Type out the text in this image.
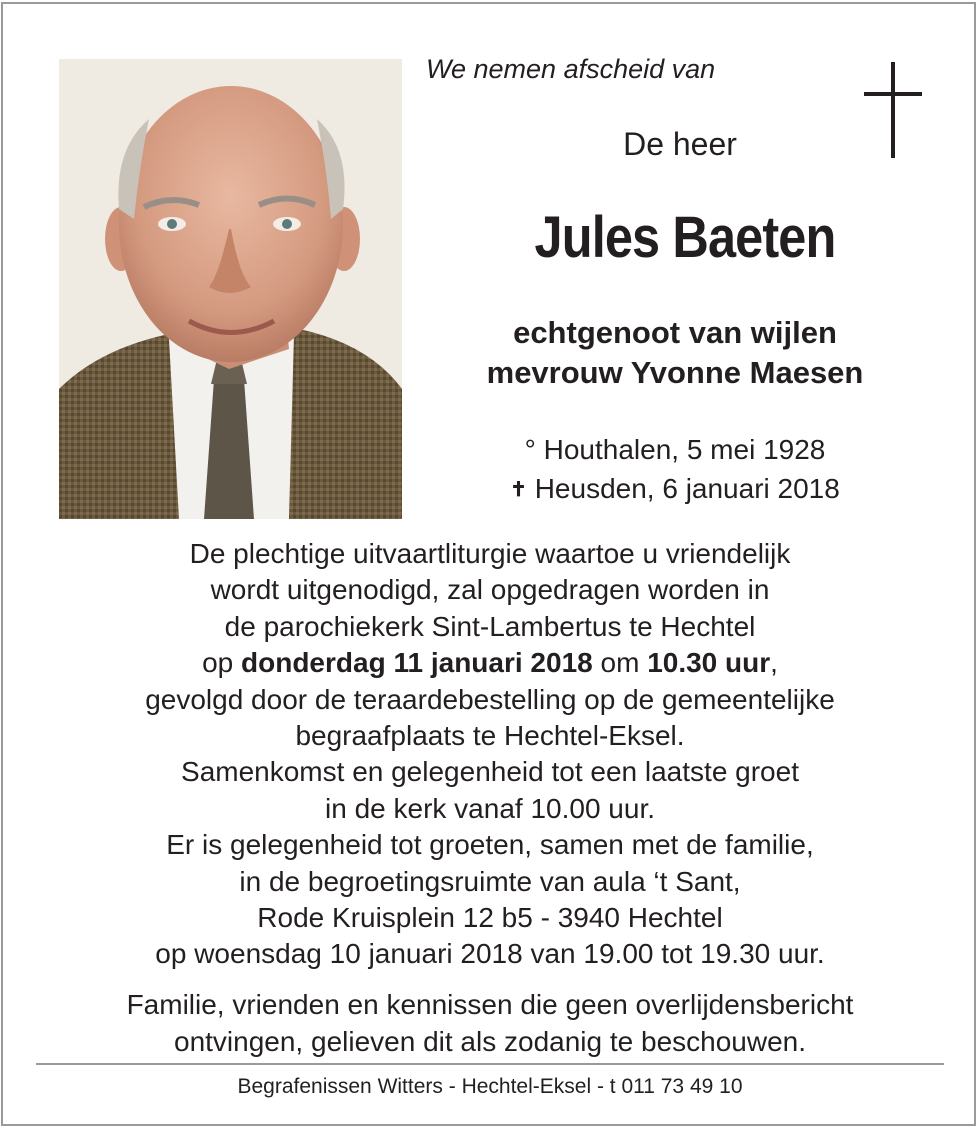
We nemen afscheid van
De heer
Jules Baeten
echtgenoot van wijlen
mevrouw Yvonne Maesen
° Houthalen, 5 mei 1928
✝ Heusden, 6 januari 2018

De plechtige uitvaartliturgie waartoe u vriendelijk

wordt uitgenodigd, zal opgedragen worden in

de parochiekerk Sint-Lambertus te Hechtel

op donderdag 11 januari 2018 om 10.30 uur,

gevolgd door de teraardebestelling op de gemeentelijke

begraafplaats te Hechtel-Eksel.

Samenkomst en gelegenheid tot een laatste groet

in de kerk vanaf 10.00 uur.

Er is gelegenheid tot groeten, samen met de familie,

in de begroetingsruimte van aula ‘t Sant,

Rode Kruisplein 12 b5 - 3940 Hechtel

op woensdag 10 januari 2018 van 19.00 tot 19.30 uur.

Familie, vrienden en kennissen die geen overlijdensbericht
ontvingen, gelieven dit als zodanig te beschouwen.
Begrafenissen Witters - Hechtel-Eksel - t 011 73 49 10
